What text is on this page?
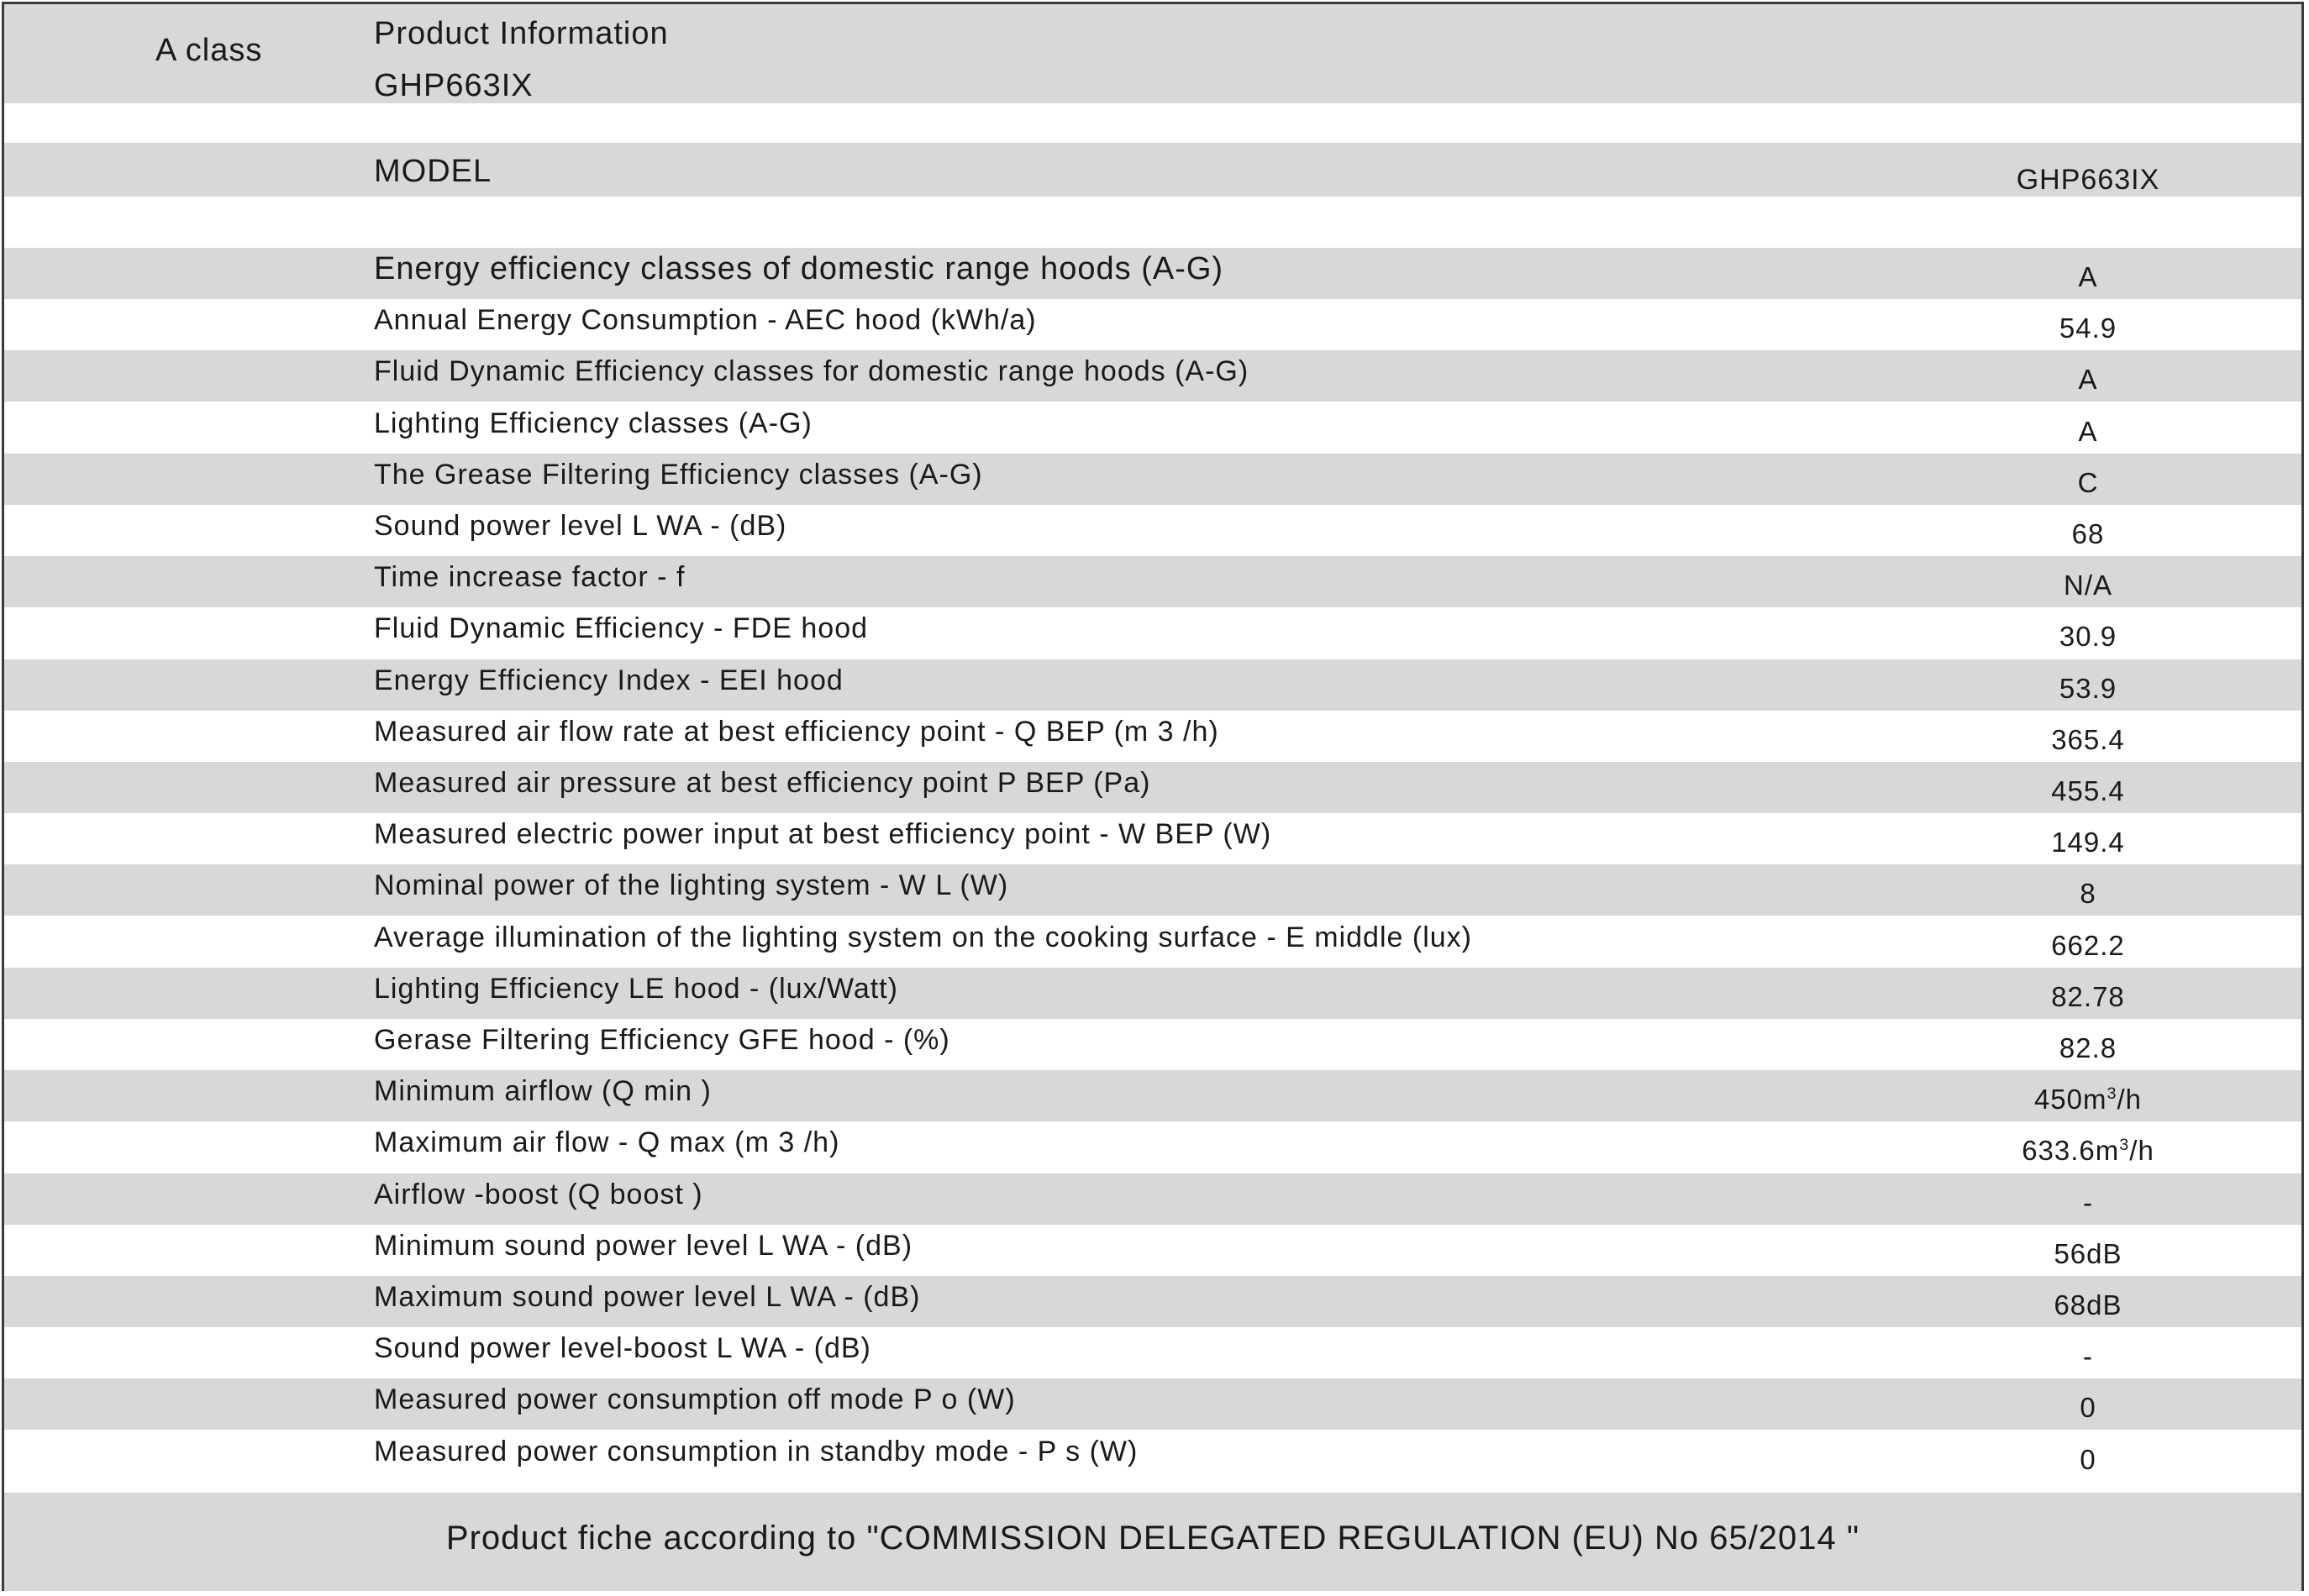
A class	Product Information
GHP663IX
MODEL	GHP663IX
Energy efficiency classes of domestic range hoods (A-G)	A
Annual Energy Consumption - AEC hood (kWh/a)	54.9
Fluid Dynamic Efficiency classes for domestic range hoods (A-G)	A
Lighting Efficiency classes (A-G)	A
The Grease Filtering Efficiency classes (A-G)	C
Sound power level L WA - (dB)	68
Time increase factor - f	N/A
Fluid Dynamic Efficiency - FDE hood	30.9
Energy Efficiency Index - EEI hood	53.9
Measured air flow rate at best efficiency point - Q BEP (m 3 /h)	365.4
Measured air pressure at best efficiency point P BEP (Pa)	455.4
Measured electric power input at best efficiency point - W BEP (W)	149.4
Nominal power of the lighting system - W L (W)	8
Average illumination of the lighting system on the cooking surface - E middle (lux)	662.2
Lighting Efficiency LE hood - (lux/Watt)	82.78
Gerase Filtering Efficiency GFE hood - (%)	82.8
Minimum airflow (Q min )	$450m^3/h$
Maximum air flow - Q max (m 3 /h)	$633.6m^3/h$
Airflow -boost (Q boost )	-
Minimum sound power level L WA - (dB)	56dB
Maximum sound power level L WA - (dB)	68dB
Sound power level-boost L WA - (dB)	-
Measured power consumption off mode P o (W)	0
Measured power consumption in standby mode - P s (W)	0
Product fiche according to "COMMISSION DELEGATED REGULATION (EU) No 65/2014 "
